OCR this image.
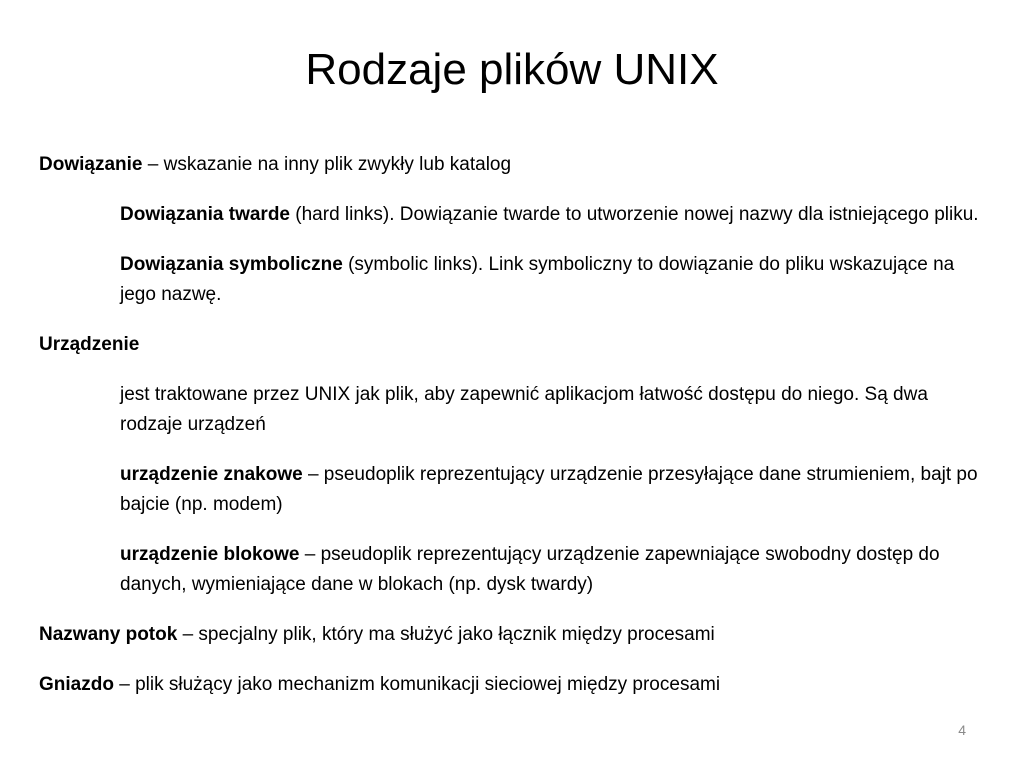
Rodzaje plików UNIX

Dowiązanie – wskazanie na inny plik zwykły lub katalog

Dowiązania twarde (hard links). Dowiązanie twarde to utworzenie nowej nazwy dla istniejącego pliku.

Dowiązania symboliczne (symbolic links). Link symboliczny to dowiązanie do pliku wskazujące na jego nazwę.

Urządzenie

jest traktowane przez UNIX jak plik, aby zapewnić aplikacjom łatwość dostępu do niego. Są dwa rodzaje urządzeń

urządzenie znakowe – pseudoplik reprezentujący urządzenie przesyłające dane strumieniem, bajt po bajcie (np. modem)

urządzenie blokowe – pseudoplik reprezentujący urządzenie zapewniające swobodny dostęp do danych, wymieniające dane w blokach (np. dysk twardy)

Nazwany potok – specjalny plik, który ma służyć jako łącznik między procesami

Gniazdo – plik służący jako mechanizm komunikacji sieciowej między procesami

4
